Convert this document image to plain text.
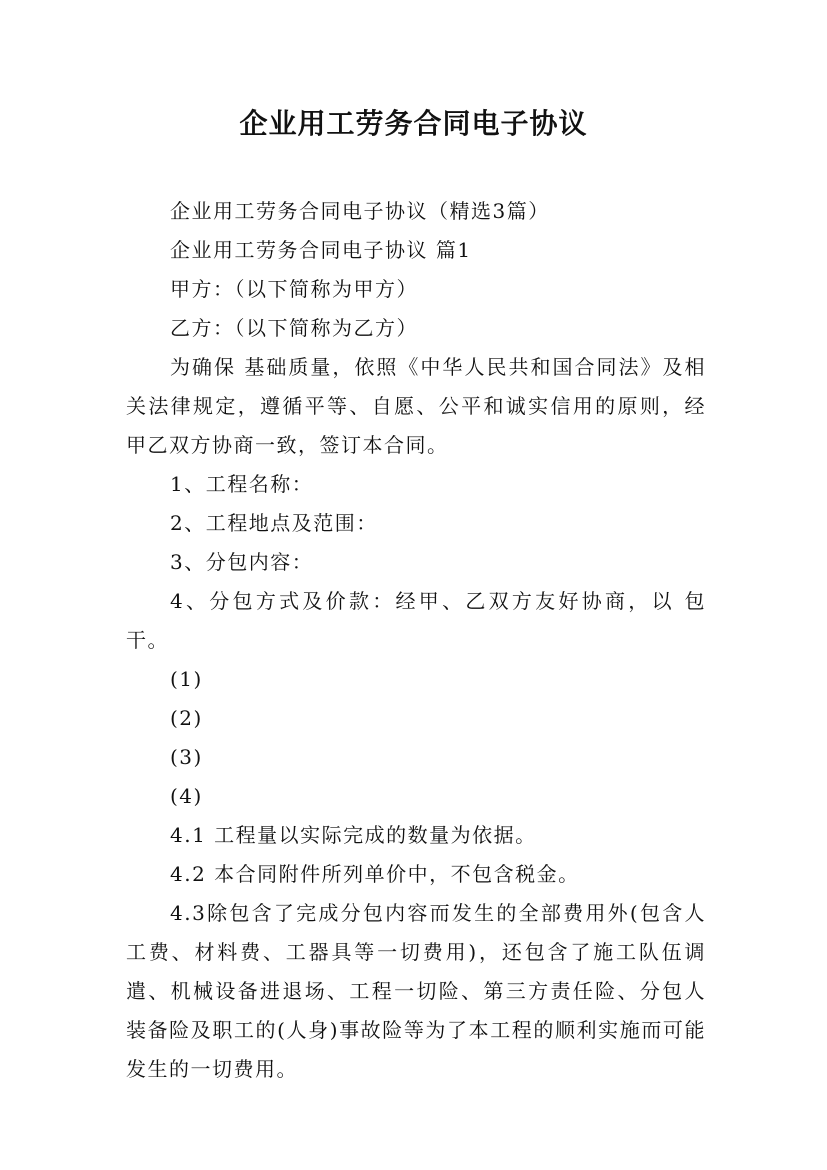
企业用工劳务合同电子协议

企业用工劳务合同电子协议（精选3篇）

企业用工劳务合同电子协议 篇1

甲方：（以下简称为甲方）

乙方：（以下简称为乙方）

为确保 基础质量，依照《中华人民共和国合同法》及相关法律规定，遵循平等、自愿、公平和诚实信用的原则，经甲乙双方协商一致，签订本合同。

1、工程名称：

2、工程地点及范围：

3、分包内容：

4、分包方式及价款：经甲、乙双方友好协商，以 包干。

(1)

(2)

(3)

(4)

4.1 工程量以实际完成的数量为依据。

4.2 本合同附件所列单价中，不包含税金。

4.3除包含了完成分包内容而发生的全部费用外(包含人工费、材料费、工器具等一切费用)，还包含了施工队伍调遣、机械设备进退场、工程一切险、第三方责任险、分包人装备险及职工的(人身)事故险等为了本工程的顺利实施而可能发生的一切费用。
